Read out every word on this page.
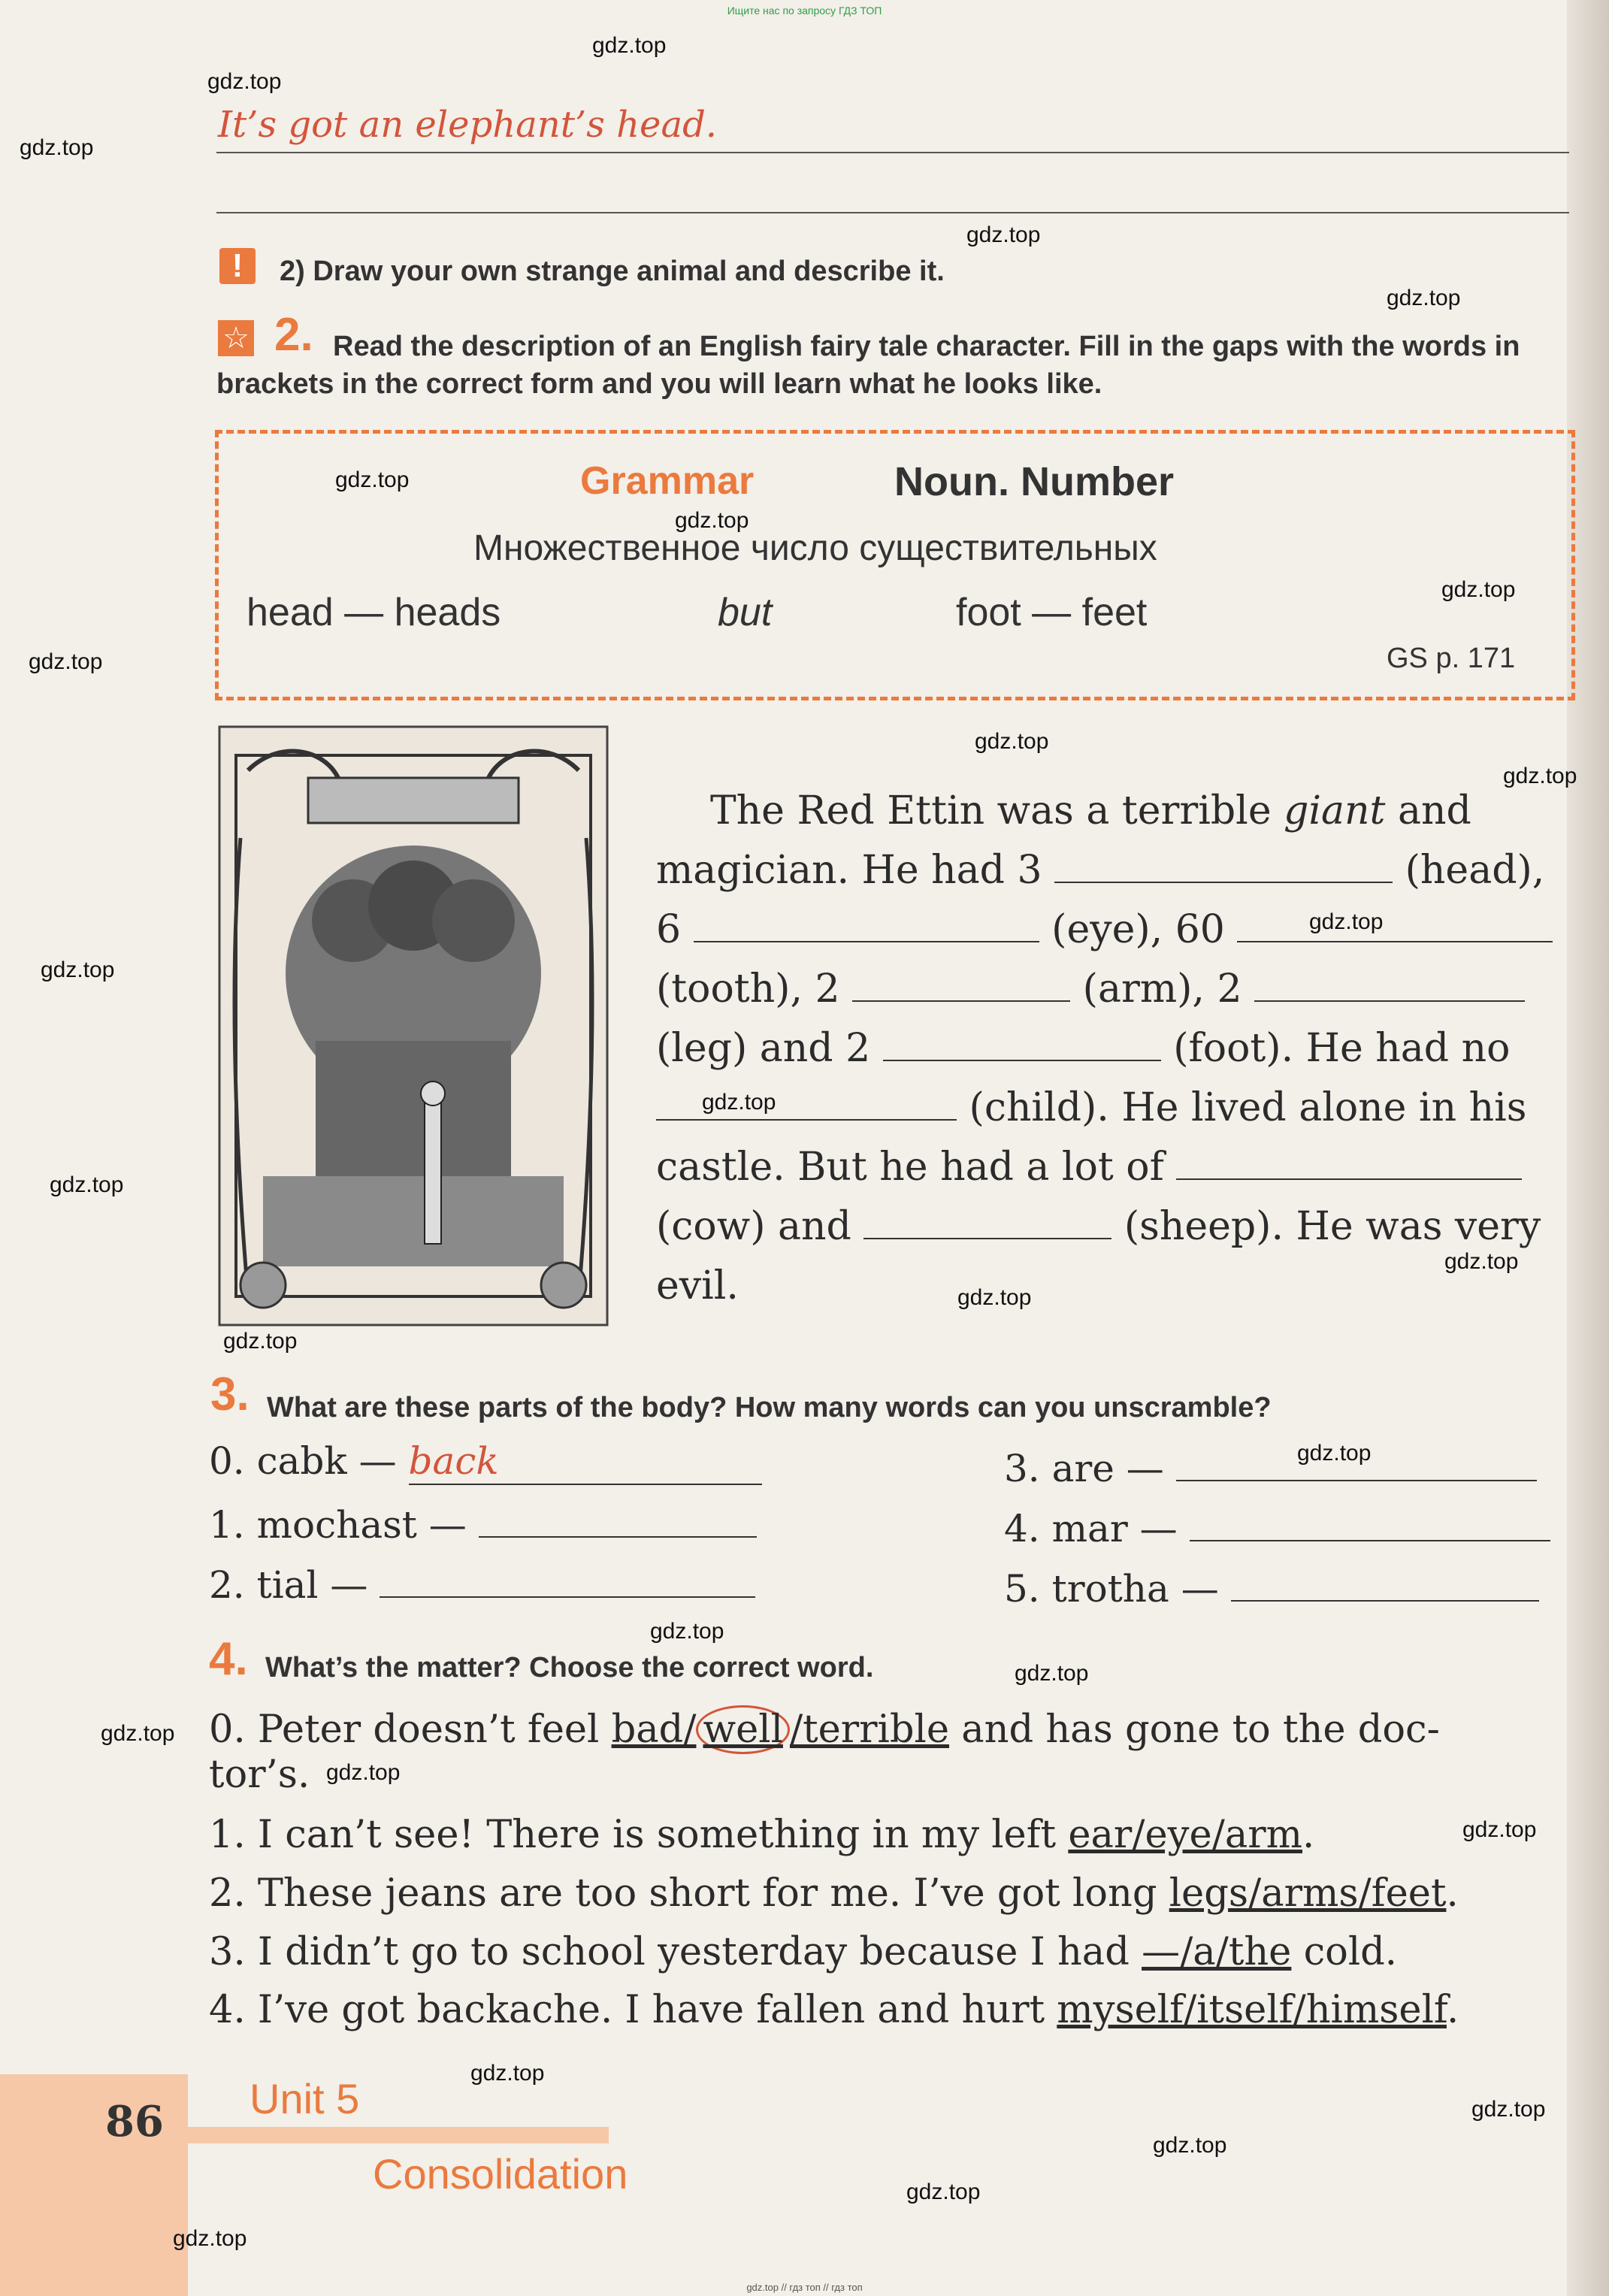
Ищите нас по запросу ГДЗ ТОП
It’s got an elephant’s head.
!	2) Draw your own strange animal and describe it.
☆ 2. Read the description of an English fairy tale character. Fill in the gaps with the words in brackets in the correct form and you will learn what he looks like.
Grammar	Noun. Number
Множественное число существительных
head — heads	but	foot — feet
GS p. 171
The Red Ettin was a terrible giant and
magician. He had 3	(head),
6	(eye), 60
(tooth), 2	(arm), 2
(leg) and 2	(foot). He had no
(child). He lived alone in his
castle. But he had a lot of
(cow) and	(sheep). He was very
evil.
3. What are these parts of the body? How many words can you unscramble?
0. cabk — back
1. mochast —
2. tial —
3. are —
4. mar —
5. trotha —
4. What’s the matter? Choose the correct word.
0. Peter doesn’t feel bad/ well /terrible and has gone to the doc-
tor’s.
1. I can’t see! There is something in my left ear/eye/arm.
2. These jeans are too short for me. I’ve got long legs/arms/feet.
3. I didn’t go to school yesterday because I had —/a/the cold.
4. I’ve got backache. I have fallen and hurt myself/itself/himself.
86 Unit 5
Consolidation
gdz.top
gdz.top
gdz.top
gdz.top
gdz.top
gdz.top
gdz.top
gdz.top
gdz.top
gdz.top
gdz.top
gdz.top
gdz.top
gdz.top
gdz.top
gdz.top
gdz.top
gdz.top
gdz.top
gdz.top
gdz.top
gdz.top
gdz.top
gdz.top
gdz.top
gdz.top
gdz.top
gdz.top
gdz.top
gdz.top // гдз топ // гдз топ
